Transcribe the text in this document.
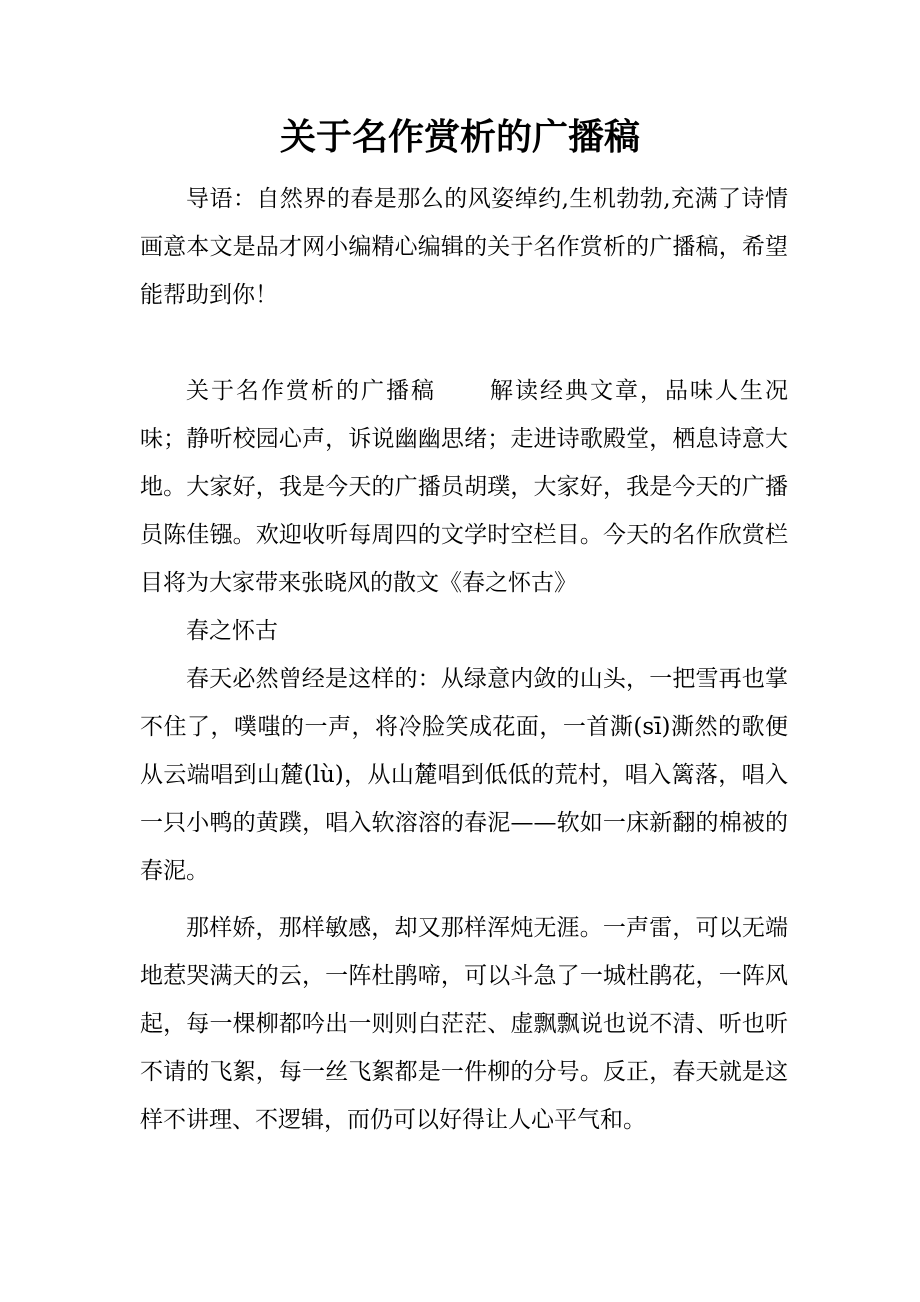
关于名作赏析的广播稿

导语：自然界的春是那么的风姿绰约,生机勃勃,充满了诗情画意本文是品才网小编精心编辑的关于名作赏析的广播稿，希望能帮助到你！

关于名作赏析的广播稿 解读经典文章，品味人生况味；静听校园心声，诉说幽幽思绪；走进诗歌殿堂，栖息诗意大地。大家好，我是今天的广播员胡璞，大家好，我是今天的广播员陈佳镪。欢迎收听每周四的文学时空栏目。今天的名作欣赏栏目将为大家带来张晓风的散文《春之怀古》

春之怀古

春天必然曾经是这样的：从绿意内敛的山头，一把雪再也掌不住了，噗嗤的一声，将冷脸笑成花面，一首澌(sī)澌然的歌便从云端唱到山麓(lù)，从山麓唱到低低的荒村，唱入篱落，唱入一只小鸭的黄蹼，唱入软溶溶的春泥——软如一床新翻的棉被的春泥。

那样娇，那样敏感，却又那样浑炖无涯。一声雷，可以无端地惹哭满天的云，一阵杜鹃啼，可以斗急了一城杜鹃花，一阵风起，每一棵柳都吟出一则则白茫茫、虚飘飘说也说不清、听也听不请的飞絮，每一丝飞絮都是一件柳的分号。反正，春天就是这样不讲理、不逻辑，而仍可以好得让人心平气和。
